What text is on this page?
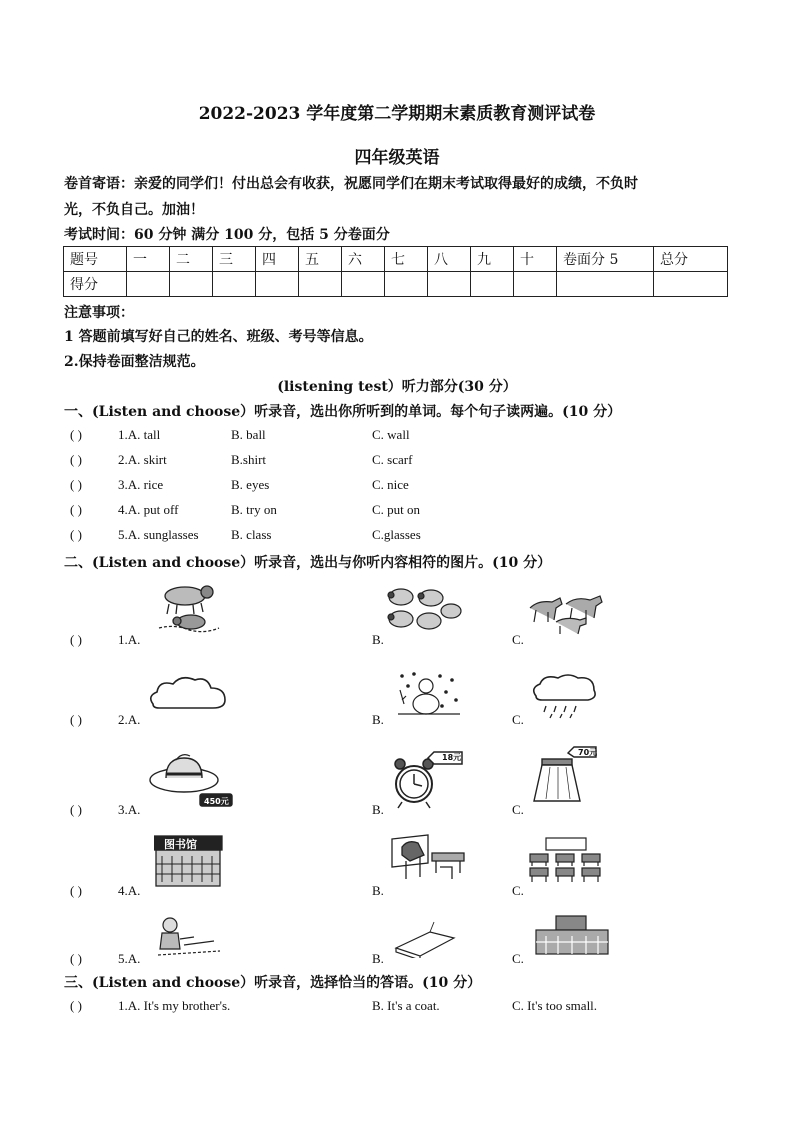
2022-2023 学年度第二学期期末素质教育测评试卷
四年级英语
卷首寄语：亲爱的同学们！付出总会有收获，祝愿同学们在期末考试取得最好的成绩，不负时
光，不负自己。加油！
考试时间：60 分钟 满分 100 分，包括 5 分卷面分
题号	一	二	三	四	五	六	七	八	九	十	卷面分 5	总分
得分												
注意事项：
1 答题前填写好自己的姓名、班级、考号等信息。
2.保持卷面整洁规范。
(listening test）听力部分(30 分）
一、(Listen and choose）听录音，选出你所听到的单词。每个句子读两遍。(10 分）
( )	1.A. tall	B. ball	C. wall
( )	2.A. skirt	B.shirt	C. scarf
( )	3.A. rice	B. eyes	C. nice
( )	4.A. put off	B. try on	C. put on
( )	5.A. sunglasses B. class	C.glasses
二、(Listen and choose）听录音，选出与你听内容相符的图片。(10 分）
( )	1.A.	B.	C.
( )	2.A.	B.	C.
( )	3.A.	B.	C.
450元
18元
70元
( )	4.A.	B.	C.
图书馆
( )	5.A.	B.	C.
三、(Listen and choose）听录音，选择恰当的答语。(10 分）
( )	1.A. It's my brother's.	B. It's a coat.	C. It's too small.
